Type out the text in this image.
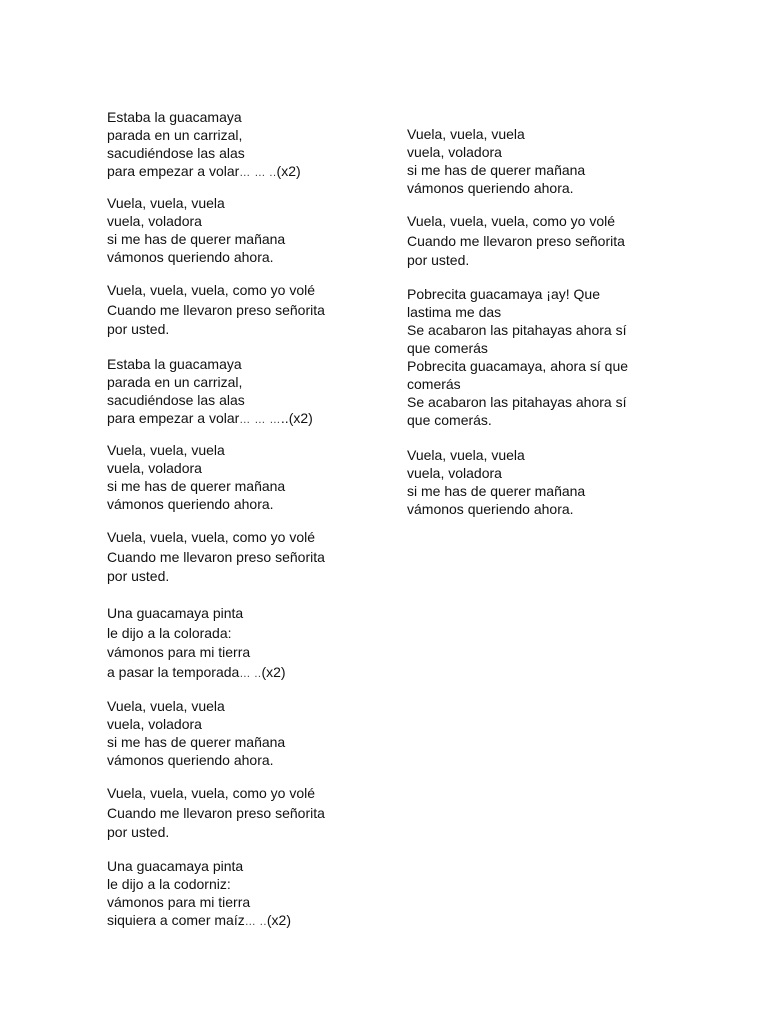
Estaba la guacamaya
parada en un carrizal,
sacudiéndose las alas
para empezar a volar… … ..(x2)

Vuela, vuela, vuela
vuela, voladora
si me has de querer mañana
vámonos queriendo ahora.

Vuela, vuela, vuela, como yo volé
Cuando me llevaron preso señorita
por usted.

Estaba la guacamaya
parada en un carrizal,
sacudiéndose las alas
para empezar a volar… … …..(x2)

Vuela, vuela, vuela
vuela, voladora
si me has de querer mañana
vámonos queriendo ahora.

Vuela, vuela, vuela, como yo volé
Cuando me llevaron preso señorita
por usted.

Una guacamaya pinta
le dijo a la colorada:
vámonos para mi tierra
a pasar la temporada… ..(x2)

Vuela, vuela, vuela
vuela, voladora
si me has de querer mañana
vámonos queriendo ahora.

Vuela, vuela, vuela, como yo volé
Cuando me llevaron preso señorita
por usted.

Una guacamaya pinta
le dijo a la codorniz:
vámonos para mi tierra
siquiera a comer maíz… ..(x2)

Vuela, vuela, vuela
vuela, voladora
si me has de querer mañana
vámonos queriendo ahora.

Vuela, vuela, vuela, como yo volé
Cuando me llevaron preso señorita
por usted.

Pobrecita guacamaya ¡ay! Que
lastima me das
Se acabaron las pitahayas ahora sí
que comerás
Pobrecita guacamaya, ahora sí que
comerás
Se acabaron las pitahayas ahora sí
que comerás.

Vuela, vuela, vuela
vuela, voladora
si me has de querer mañana
vámonos queriendo ahora.
